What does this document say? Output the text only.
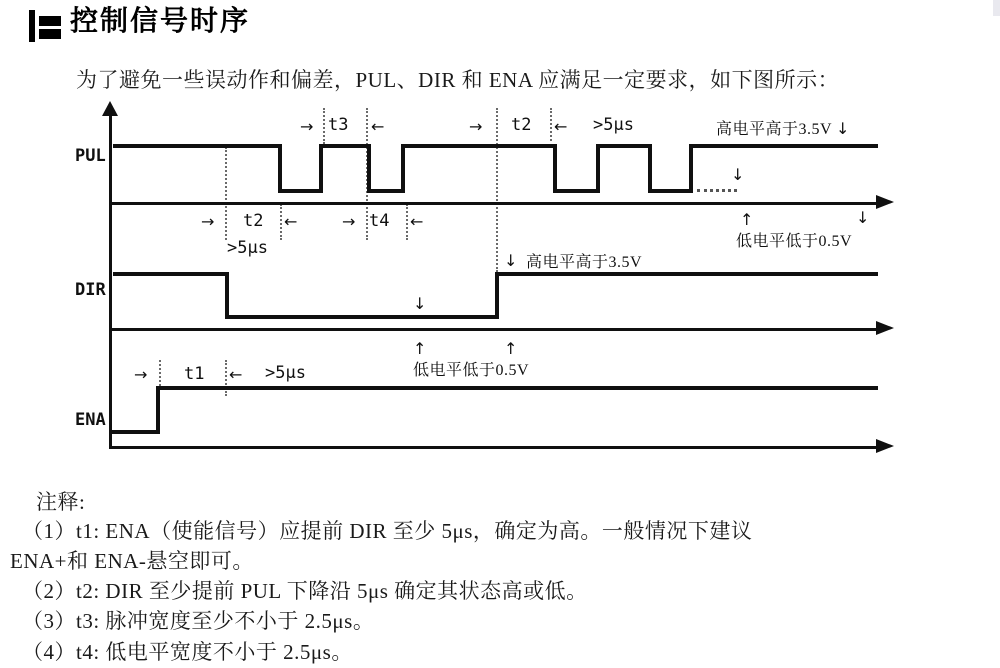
控制信号时序
为了避免一些误动作和偏差，PUL、DIR 和 ENA 应满足一定要求，如下图所示：
PUL
→ t3 ←	→ t2 ← >5μs	高电平高于3.5V ↓
→ t2 ←
>5μs
→ t4 ←
↓
↑	↓
低电平低于0.5V
DIR
↓ 高电平高于3.5V
↓
↑	↑
低电平低于0.5V
ENA
→ t1 ← >5μs
注释:
（1）t1: ENA（使能信号）应提前 DIR 至少 5μs，确定为高。一般情况下建议
ENA+和 ENA-悬空即可。
（2）t2: DIR 至少提前 PUL 下降沿 5μs 确定其状态高或低。
（3）t3: 脉冲宽度至少不小于 2.5μs。
（4）t4: 低电平宽度不小于 2.5μs。
